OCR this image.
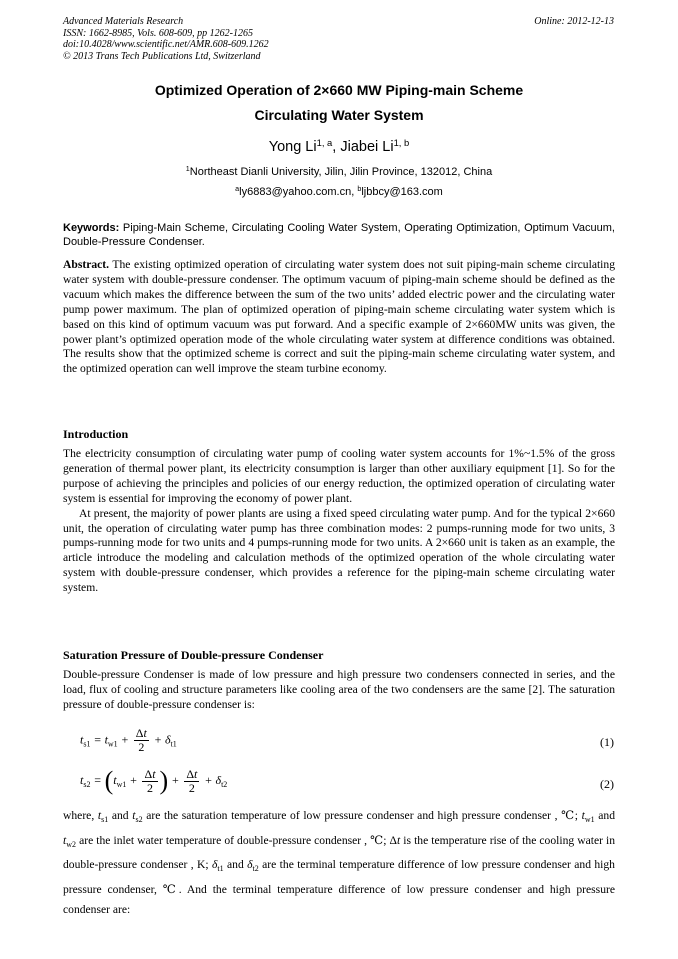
Advanced Materials Research
ISSN: 1662-8985, Vols. 608-609, pp 1262-1265
doi:10.4028/www.scientific.net/AMR.608-609.1262
© 2013 Trans Tech Publications Ltd, Switzerland
Online: 2012-12-13
Optimized Operation of 2×660 MW Piping-main Scheme
Circulating Water System
Yong Li$^{1, a}$, Jiabei Li$^{1, b}$
$^1$Northeast Dianli University, Jilin, Jilin Province, 132012, China
$^a$ly6883@yahoo.com.cn, $^b$ljbbcy@163.com
Keywords: Piping-Main Scheme, Circulating Cooling Water System, Operating Optimization, Optimum Vacuum, Double-Pressure Condenser.
Abstract. The existing optimized operation of circulating water system does not suit piping-main scheme circulating water system with double-pressure condenser. The optimum vacuum of piping-main scheme should be defined as the vacuum which makes the difference between the sum of the two units’ added electric power and the circulating water pump power maximum. The plan of optimized operation of piping-main scheme circulating water system which is based on this kind of optimum vacuum was put forward. And a specific example of 2×660MW units was given, the power plant’s optimized operation mode of the whole circulating water system at difference conditions was obtained. The results show that the optimized scheme is correct and suit the piping-main scheme circulating water system, and the optimized operation can well improve the steam turbine economy.
Introduction

The electricity consumption of circulating water pump of cooling water system accounts for 1%~1.5% of the gross generation of thermal power plant, its electricity consumption is larger than other auxiliary equipment [1]. So for the purpose of achieving the principles and policies of our energy reduction, the optimized operation of circulating water system is essential for improving the economy of power plant.

At present, the majority of power plants are using a fixed speed circulating water pump. And for the typical 2×660 unit, the operation of circulating water pump has three combination modes: 2 pumps-running mode for two units, 3 pumps-running mode for two units and 4 pumps-running mode for two units. A 2×660 unit is taken as an example, the article introduce the modeling and calculation methods of the optimized operation of the whole circulating water system with double-pressure condenser, which provides a reference for the piping-main scheme circulating water system.

Saturation Pressure of Double-pressure Condenser
Double-pressure Condenser is made of low pressure and high pressure two condensers connected in series, and the load, flux of cooling and structure parameters like cooling area of the two condensers are the same [2]. The saturation pressure of double-pressure condenser is:
$t_{s1} = t_{w1} + \frac{\Delta t}{2} + \delta_{t1}$	(1)
$t_{s2} = (t_{w1} + \frac{\Delta t}{2}$ ) + $\frac{\Delta t}{2} + \delta_{t2}$	(2)
where, $t_{s1}$ and $t_{s2}$ are the saturation temperature of low pressure condenser and high pressure condenser , ℃; $t_{w1}$ and $t_{w2}$ are the inlet water temperature of double-pressure condenser , ℃; Δt is the temperature rise of the cooling water in double-pressure condenser , K; $\delta_{t1}$ and $\delta_{t2}$ are the terminal temperature difference of low pressure condenser and high pressure condenser, ℃. And the terminal temperature difference of low pressure condenser and high pressure condenser are:
